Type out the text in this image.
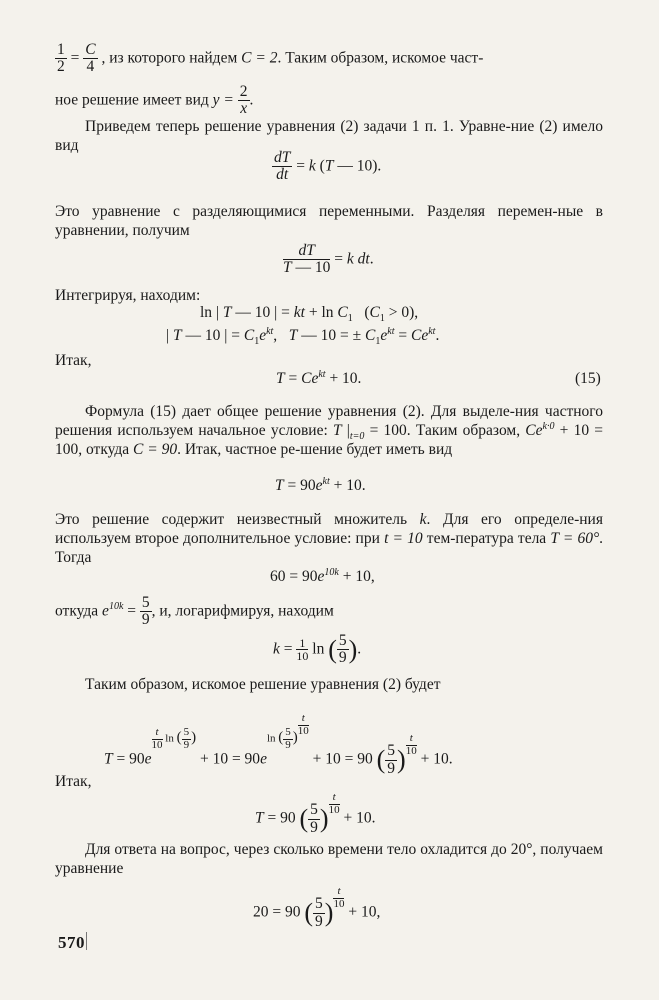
$\frac{1}{2} = \frac{C}{4}$ , из которого найдем C = 2. Таким образом, искомое част-
ное решение имеет вид $y = \frac{2}{x}$ .
Приведем теперь решение уравнения (2) задачи 1 п. 1. Уравне-ние (2) имело вид
$\frac{dT}{dt} = k$ (T — 10).
Это уравнение с разделяющимися переменными. Разделяя перемен-ные в уравнении, получим
$\frac{dT}{T — 10} = k$ dt.
Интегрируя, находим:
ln | T — 10 | = kt + $\ln C_1$   $(C_1 > 0)$,
| T — 10 | = $C_1e^{kt}$,   T — 10 = ± $C_1e^{kt} = Ce^{kt}$.
Итак,
$T = Ce^{kt} + 10$.	(15)
Формула (15) дает общее решение уравнения (2). Для выделе-ния частного решения используем начальное условие: T $|_{t=0} = 100$. Таким образом, $Ce^{k\cdot 0} + 10 = 100$, откуда C = 90. Итак, частное ре-шение будет иметь вид
$T = 90e^{kt} + 10$.
Это решение содержит неизвестный множитель k. Для его определе-ния используем второе дополнительное условие: при t = 10 тем-пература тела T = 60°. Тогда
$60 = 90e^{10k} + 10$,
откуда $e^{10k} = \frac{5}{9}$ , и, логарифмируя, находим
$k = \frac{1}{10}$ ln ( $\frac{5}{9}$ ).
Таким образом, искомое решение уравнения (2) будет
T = 90e
$\frac{t}{10}$ ln ( $\frac{5}{9}$ ) + 10 = 90eln ( $\frac{5}{9}$ )
$\frac{t}{10}$
+ 10 = 90 ( $\frac{5}{9}$ ) $\frac{t}{10}$
+ 10.
Итак,
T = 90 ( $\frac{5}{9}$ ) $\frac{t}{10}$
+ 10.
Для ответа на вопрос, через сколько времени тело охладится до 20°, получаем уравнение
20 = 90 ( $\frac{5}{9}$ ) $\frac{t}{10}$
+ 10,
570
